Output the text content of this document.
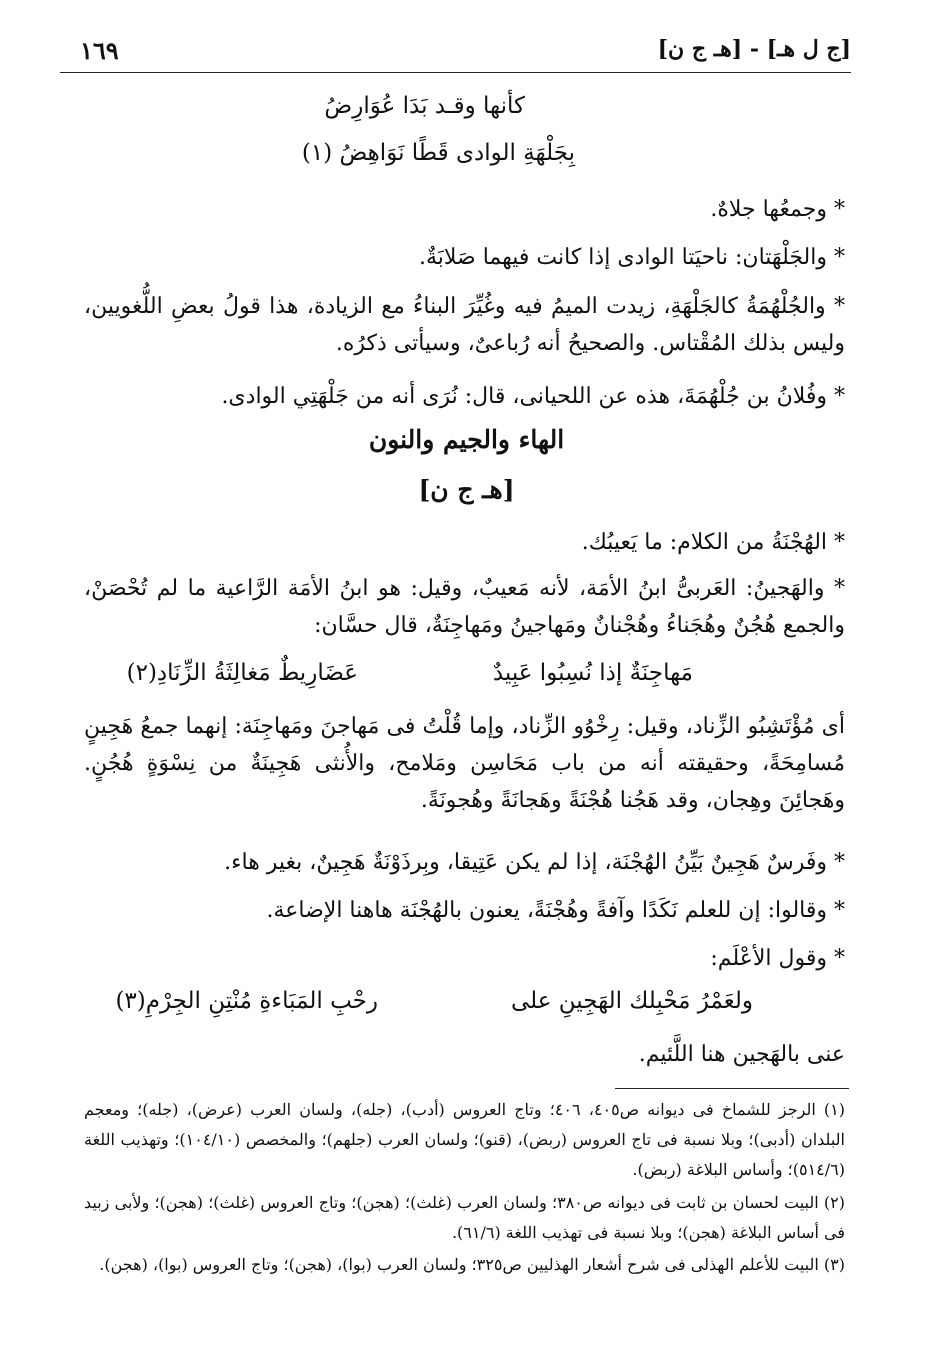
١٦٩	[ج ل هـ] - [هـ ج ن]
كأنها وقـد بَدَا عُوَارِضُ
بِجَلْهَةِ الوادى قَطًا نَوَاهِضُ (١)
* وجمعُها جلاهٌ.
* والجَلْهَتان: ناحيَتا الوادى إذا كانت فيهما صَلابَةٌ.
* والجُلْهُمَةُ كالجَلْهَةِ، زيدت الميمُ فيه وغُيِّرَ البناءُ مع الزيادة، هذا قولُ بعضِ اللُّغويين، وليس بذلك المُقْتاس. والصحيحُ أنه رُباعىٌ، وسيأتى ذكرُه.
* وفُلانُ بن جُلْهُمَةَ، هذه عن اللحيانى، قال: نُرَى أنه من جَلْهَتِي الوادى.
الهاء والجيم والنون
[هـ ج ن]
* الهُجْنَةُ من الكلام: ما يَعيبُك.
* والهَجينُ: العَربىُّ ابنُ الأمَة، لأنه مَعيبٌ، وقيل: هو ابنُ الأمَة الرَّاعية ما لم تُحْصَنْ، والجمع هُجُنٌ وهُجَناءُ وهُجْنانٌ ومَهاجينُ ومَهاجِنَةٌ، قال حسَّان:
مَهاجِنَةٌ إذا نُسِبُوا عَبِيدٌ
عَضَارِيطٌ مَغالِثَةُ الزِّنَادِ(٢)
أى مُؤْتَشِبُو الزِّناد، وقيل: رِخْوُو الزِّناد، وإما قُلْتُ فى مَهاجنَ ومَهاجِنَة: إنهما جمعُ هَجِينٍ مُسامِحَةً، وحقيقته أنه من باب مَحَاسِن ومَلامح، والأُنثى هَجِينَةٌ من نِسْوَةٍ هُجُنٍ. وهَجائِنَ وهِجان، وقد هَجُنا هُجْنَةً وهَجانَةً وهُجونَةً.
* وفَرسٌ هَجِينٌ بَيِّنُ الهُجْنَة، إذا لم يكن عَتِيقا، وبِرذَوْنَةٌ هَجِينٌ، بغير هاء.
* وقالوا: إن للعلم نَكَدًا وآفةً وهُجْنَةً، يعنون بالهُجْنَة هاهنا الإضاعة.
* وقول الأعْلَم:
ولعَمْرُ مَحْبِلك الهَجِينِ على
رحْبِ المَبَاءةِ مُنْتِنِ الجِرْمِ(٣)
عنى بالهَجين هنا اللَّئيم.
(١) الرجز للشماخ فى ديوانه ص٤٠٥، ٤٠٦؛ وتاج العروس (أدب)، (جله)، ولسان العرب (عرض)، (جله)؛ ومعجم البلدان (أدبى)؛ وبلا نسبة فى تاج العروس (ربض)، (قنو)؛ ولسان العرب (جلهم)؛ والمخصص (١٠٤/١٠)؛ وتهذيب اللغة (٥١٤/٦)؛ وأساس البلاغة (ربض).
(٢) البيت لحسان بن ثابت فى ديوانه ص٣٨٠؛ ولسان العرب (غلث)؛ (هجن)؛ وتاج العروس (غلث)؛ (هجن)؛ ولأبى زبيد فى أساس البلاغة (هجن)؛ وبلا نسبة فى تهذيب اللغة (٦١/٦).
(٣) البيت للأعلم الهذلى فى شرح أشعار الهذليين ص٣٢٥؛ ولسان العرب (بوا)، (هجن)؛ وتاج العروس (بوا)، (هجن).
